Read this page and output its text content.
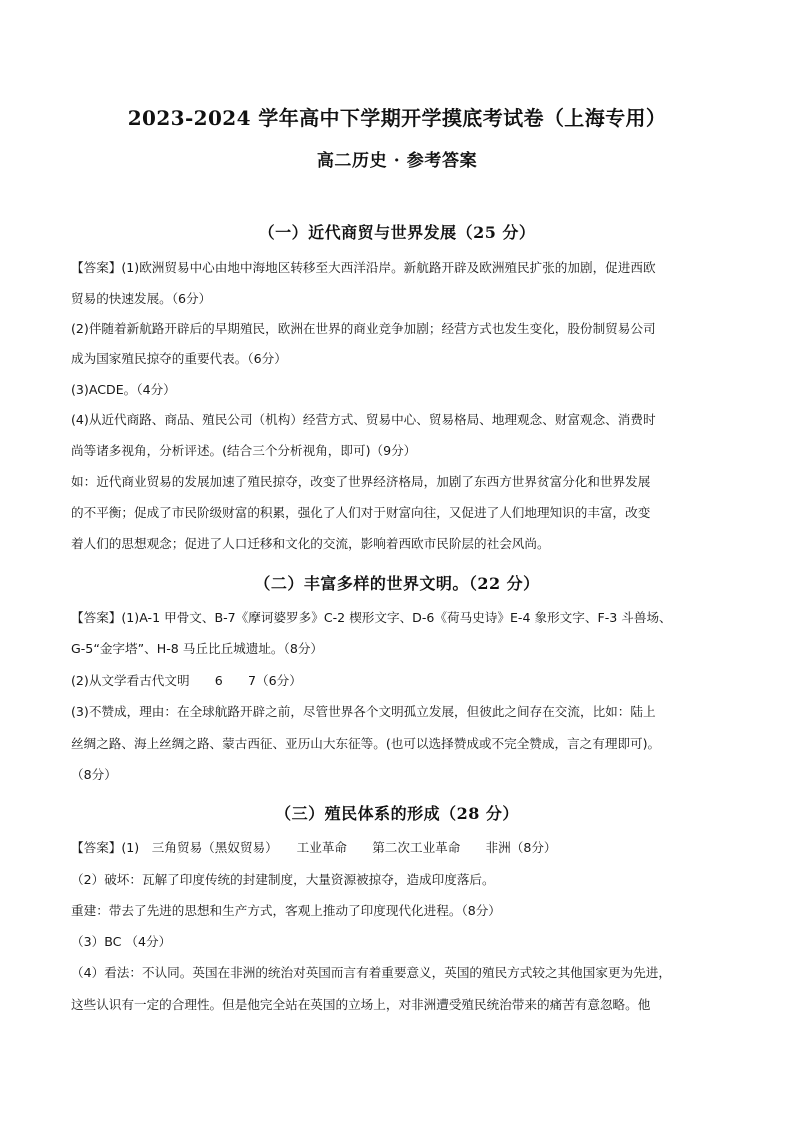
2023-2024 学年高中下学期开学摸底考试卷（上海专用）
高二历史 · 参考答案
（一）近代商贸与世界发展（25 分）
【答案】(1)欧洲贸易中心由地中海地区转移至大西洋沿岸。新航路开辟及欧洲殖民扩张的加剧，促进西欧
贸易的快速发展。（6分）
(2)伴随着新航路开辟后的早期殖民，欧洲在世界的商业竞争加剧；经营方式也发生变化，股份制贸易公司
成为国家殖民掠夺的重要代表。（6分）
(3)ACDE。（4分）
(4)从近代商路、商品、殖民公司（机构）经营方式、贸易中心、贸易格局、地理观念、财富观念、消费时
尚等诸多视角，分析评述。(结合三个分析视角，即可)（9分）
如：近代商业贸易的发展加速了殖民掠夺，改变了世界经济格局，加剧了东西方世界贫富分化和世界发展
的不平衡；促成了市民阶级财富的积累，强化了人们对于财富向往，又促进了人们地理知识的丰富，改变
着人们的思想观念；促进了人口迁移和文化的交流，影响着西欧市民阶层的社会风尚。
（二）丰富多样的世界文明。（22 分）
【答案】(1)A-1 甲骨文、B-7《摩诃婆罗多》C-2 楔形文字、D-6《荷马史诗》E-4 象形文字、F-3 斗兽场、
G-5“金字塔”、H-8 马丘比丘城遗址。（8分）
(2)从文学看古代文明　　6　　7（6分）
(3)不赞成，理由：在全球航路开辟之前，尽管世界各个文明孤立发展，但彼此之间存在交流，比如：陆上
丝绸之路、海上丝绸之路、蒙古西征、亚历山大东征等。(也可以选择赞成或不完全赞成，言之有理即可)。
（8分）
（三）殖民体系的形成（28 分）
【答案】(1)　三角贸易（黑奴贸易）　　工业革命　　第二次工业革命　　非洲（8分）
（2）破坏：瓦解了印度传统的封建制度，大量资源被掠夺，造成印度落后。
重建：带去了先进的思想和生产方式，客观上推动了印度现代化进程。（8分）
（3）BC （4分）
（4）看法：不认同。英国在非洲的统治对英国而言有着重要意义，英国的殖民方式较之其他国家更为先进，
这些认识有一定的合理性。但是他完全站在英国的立场上，对非洲遭受殖民统治带来的痛苦有意忽略。他
